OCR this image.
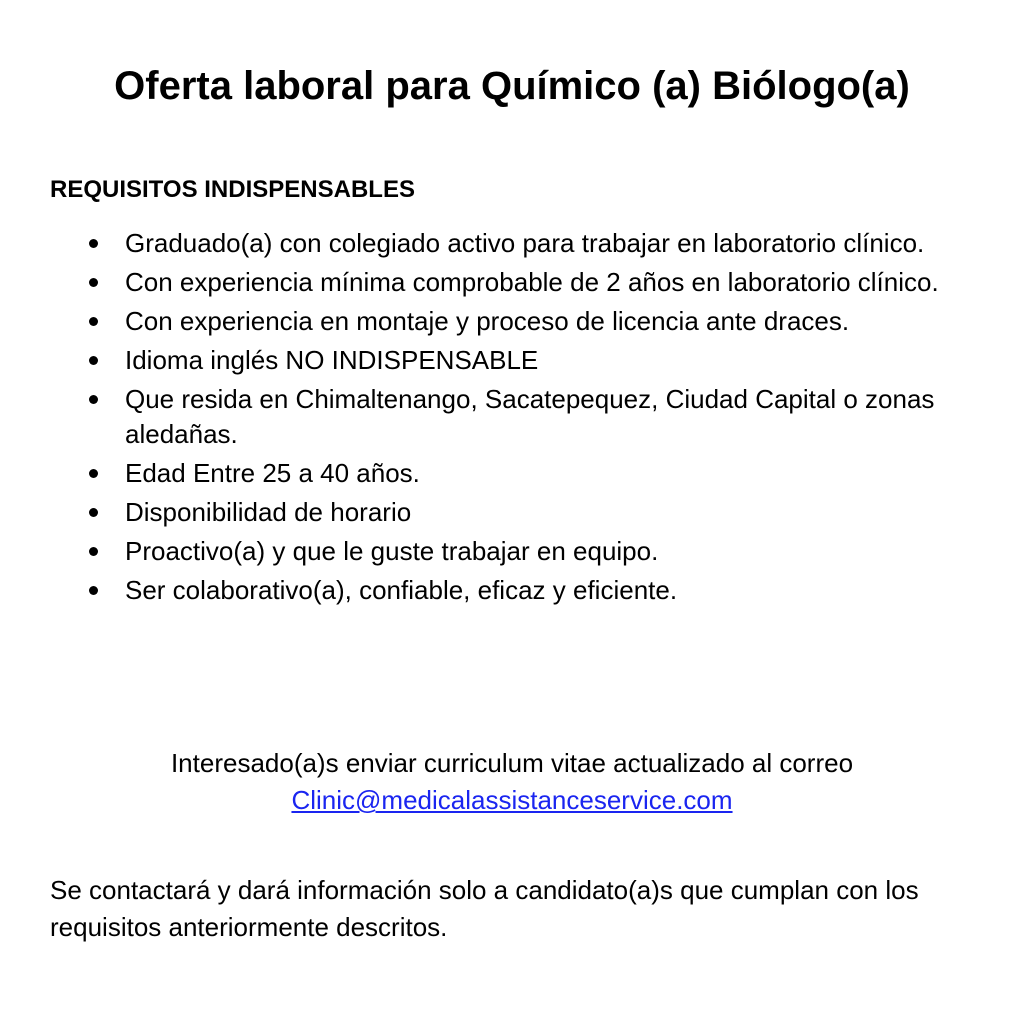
Oferta laboral para Químico (a) Biólogo(a)
REQUISITOS INDISPENSABLES
Graduado(a) con colegiado activo para trabajar en laboratorio clínico.
Con experiencia mínima comprobable de 2 años en laboratorio clínico.
Con experiencia en montaje y proceso de licencia ante draces.
Idioma inglés NO INDISPENSABLE
Que resida en Chimaltenango, Sacatepequez, Ciudad Capital o zonas aledañas.
Edad Entre 25 a 40 años.
Disponibilidad de horario
Proactivo(a) y que le guste trabajar en equipo.
Ser colaborativo(a), confiable, eficaz y eficiente.
Interesado(a)s enviar curriculum vitae actualizado al correo
Clinic@medicalassistanceservice.com

Se contactará y dará información solo a candidato(a)s que cumplan con los requisitos anteriormente descritos.
